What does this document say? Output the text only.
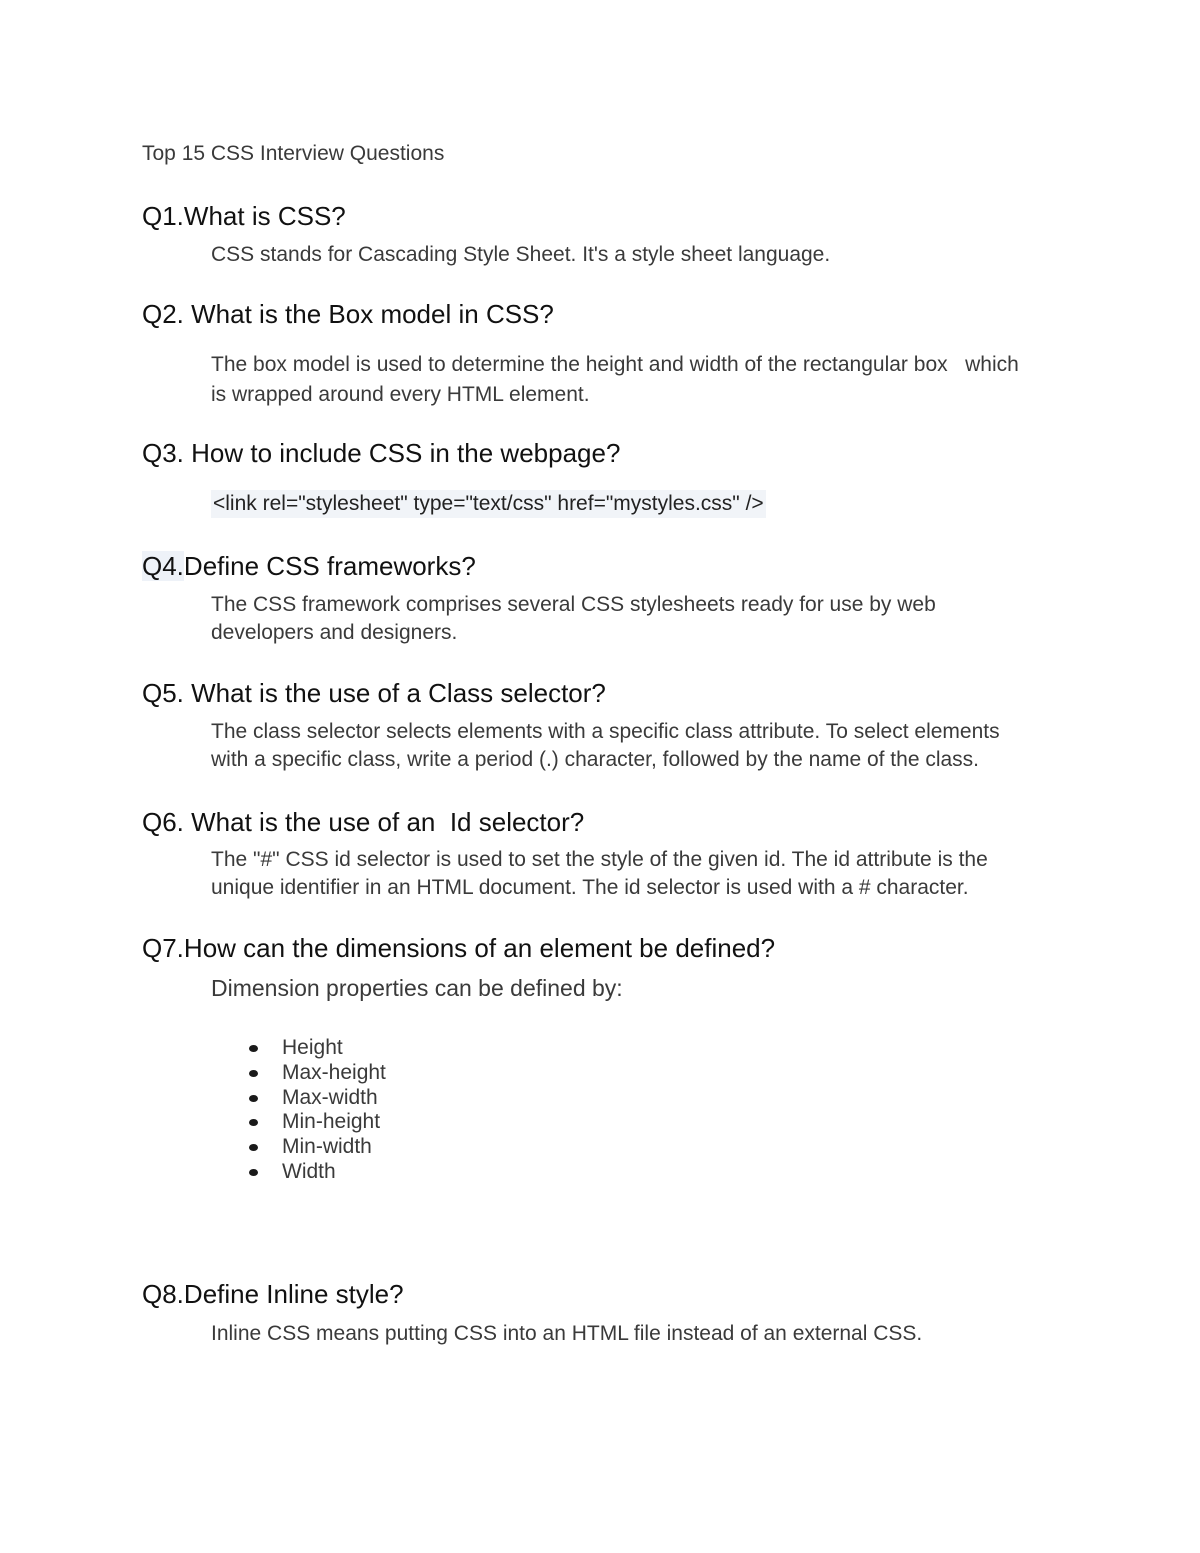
Top 15 CSS Interview Questions
Q1.What is CSS?
CSS stands for Cascading Style Sheet. It's a style sheet language.
Q2. What is the Box model in CSS?
The box model is used to determine the height and width of the rectangular box   which
is wrapped around every HTML element.
Q3. How to include CSS in the webpage?
<link rel="stylesheet" type="text/css" href="mystyles.css" />
Q4.Define CSS frameworks?
The CSS framework comprises several CSS stylesheets ready for use by web
developers and designers.
Q5. What is the use of a Class selector?
The class selector selects elements with a specific class attribute. To select elements
with a specific class, write a period (.) character, followed by the name of the class.
Q6. What is the use of an  Id selector?
The "#" CSS id selector is used to set the style of the given id. The id attribute is the
unique identifier in an HTML document. The id selector is used with a # character.
Q7.How can the dimensions of an element be defined?
Dimension properties can be defined by:
Height
Max-height
Max-width
Min-height
Min-width
Width
Q8.Define Inline style?
Inline CSS means putting CSS into an HTML file instead of an external CSS.
